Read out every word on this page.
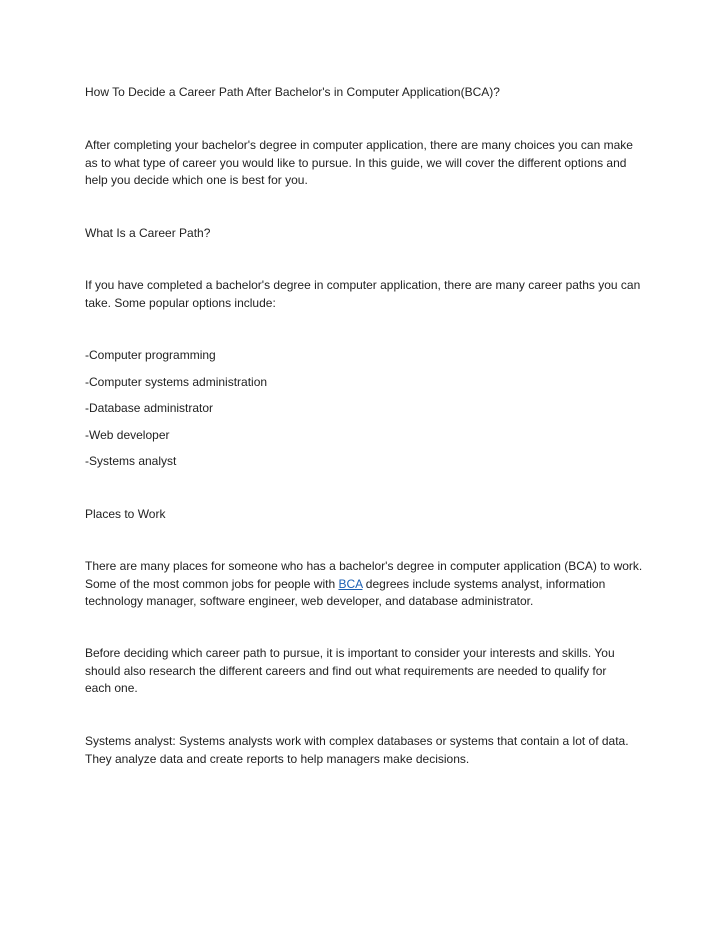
How To Decide a Career Path After Bachelor's in Computer Application(BCA)?

After completing your bachelor's degree in computer application, there are many choices you can make

as to what type of career you would like to pursue. In this guide, we will cover the different options and

help you decide which one is best for you.

What Is a Career Path?

If you have completed a bachelor's degree in computer application, there are many career paths you can

take. Some popular options include:

-Computer programming

-Computer systems administration

-Database administrator

-Web developer

-Systems analyst

Places to Work

There are many places for someone who has a bachelor's degree in computer application (BCA) to work.

Some of the most common jobs for people with BCA degrees include systems analyst, information

technology manager, software engineer, web developer, and database administrator.

Before deciding which career path to pursue, it is important to consider your interests and skills. You

should also research the different careers and find out what requirements are needed to qualify for

each one.

Systems analyst: Systems analysts work with complex databases or systems that contain a lot of data.

They analyze data and create reports to help managers make decisions.
